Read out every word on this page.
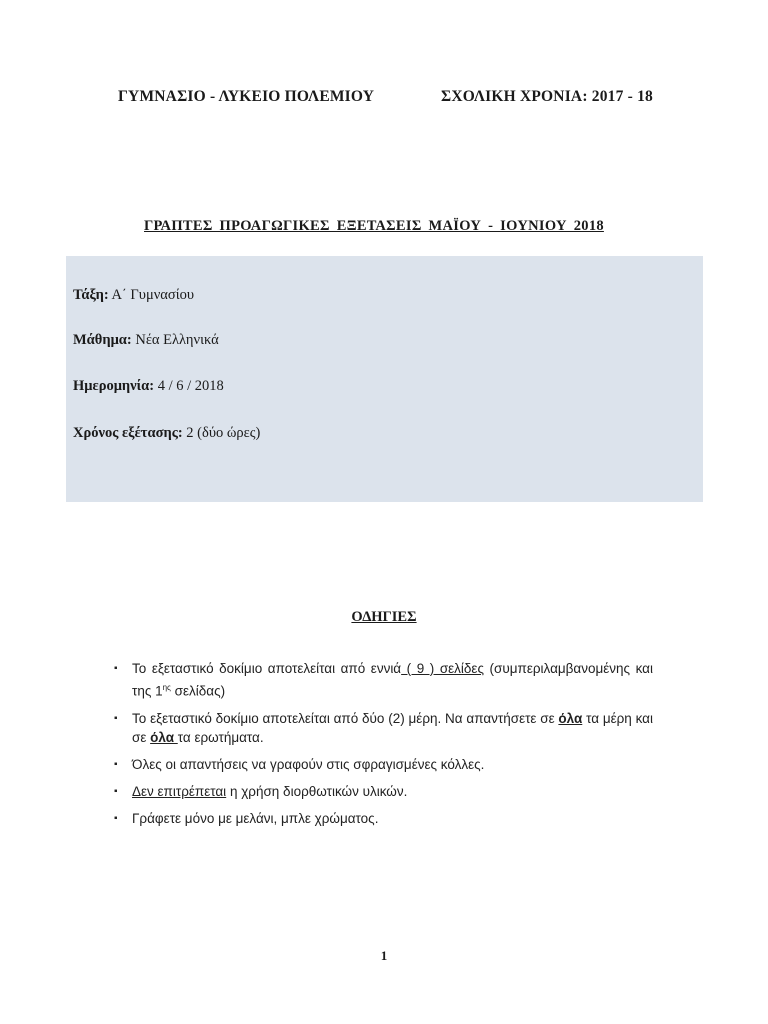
ΓΥΜΝΑΣΙΟ - ΛΥΚΕΙΟ ΠΟΛΕΜΙΟΥ	ΣΧΟΛΙΚΗ ΧΡΟΝΙΑ: 2017 - 18
ΓΡΑΠΤΕΣ ΠΡΟΑΓΩΓΙΚΕΣ ΕΞΕΤΑΣΕΙΣ ΜΑΪΟΥ - ΙΟΥΝΙΟΥ 2018
Τάξη: Α΄ Γυμνασίου
Μάθημα: Νέα Ελληνικά
Ημερομηνία: 4 / 6 / 2018
Χρόνος εξέτασης: 2 (δύο ώρες)
ΟΔΗΓΙΕΣ
▪ Το εξεταστικό δοκίμιο αποτελείται από εννιά ( 9 ) σελίδες (συμπεριλαμβανομένης και της $1^{\eta\varsigma}$ σελίδας)
▪ Το εξεταστικό δοκίμιο αποτελείται από δύο (2) μέρη. Να απαντήσετε σε όλα τα μέρη και σε όλα τα ερωτήματα.
▪ Όλες οι απαντήσεις να γραφούν στις σφραγισμένες κόλλες.
▪ Δεν επιτρέπεται η χρήση διορθωτικών υλικών.
▪ Γράφετε μόνο με μελάνι, μπλε χρώματος.
1
